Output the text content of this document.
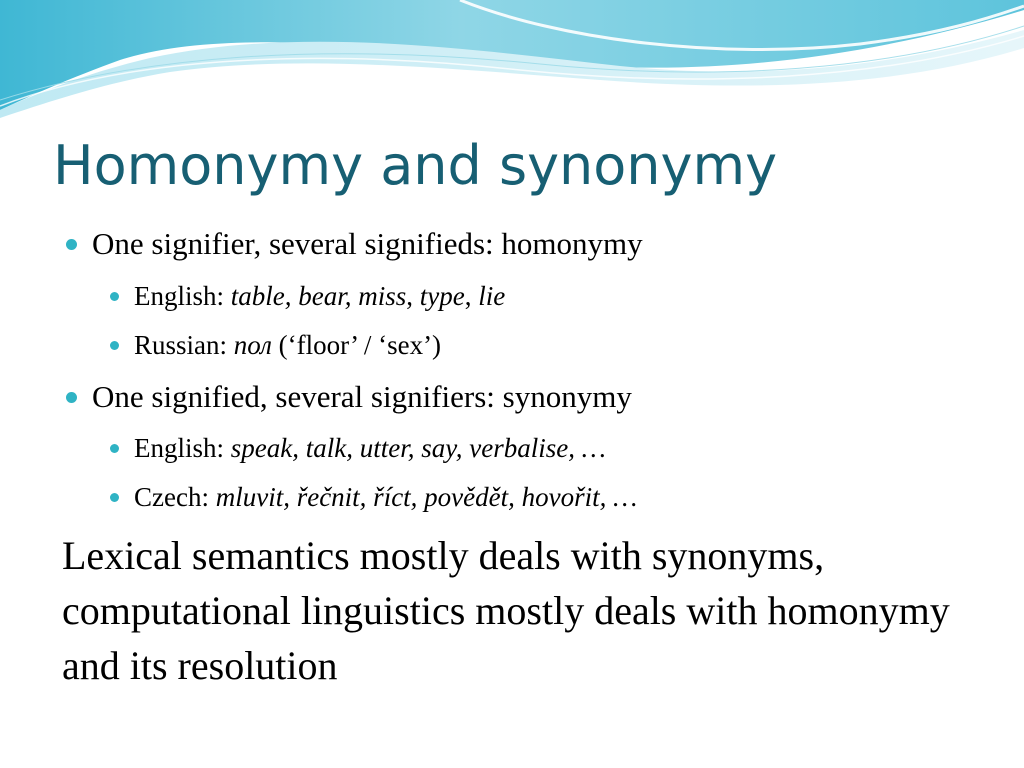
Homonymy and synonymy
One signifier, several signifieds: homonymy
English: table, bear, miss, type, lie
Russian: пол (‘floor’ / ‘sex’)
One signified, several signifiers: synonymy
English: speak, talk, utter, say, verbalise, …
Czech: mluvit, řečnit, říct, povědět, hovořit, …

Lexical semantics mostly deals with synonyms, computational linguistics mostly deals with homonymy and its resolution
